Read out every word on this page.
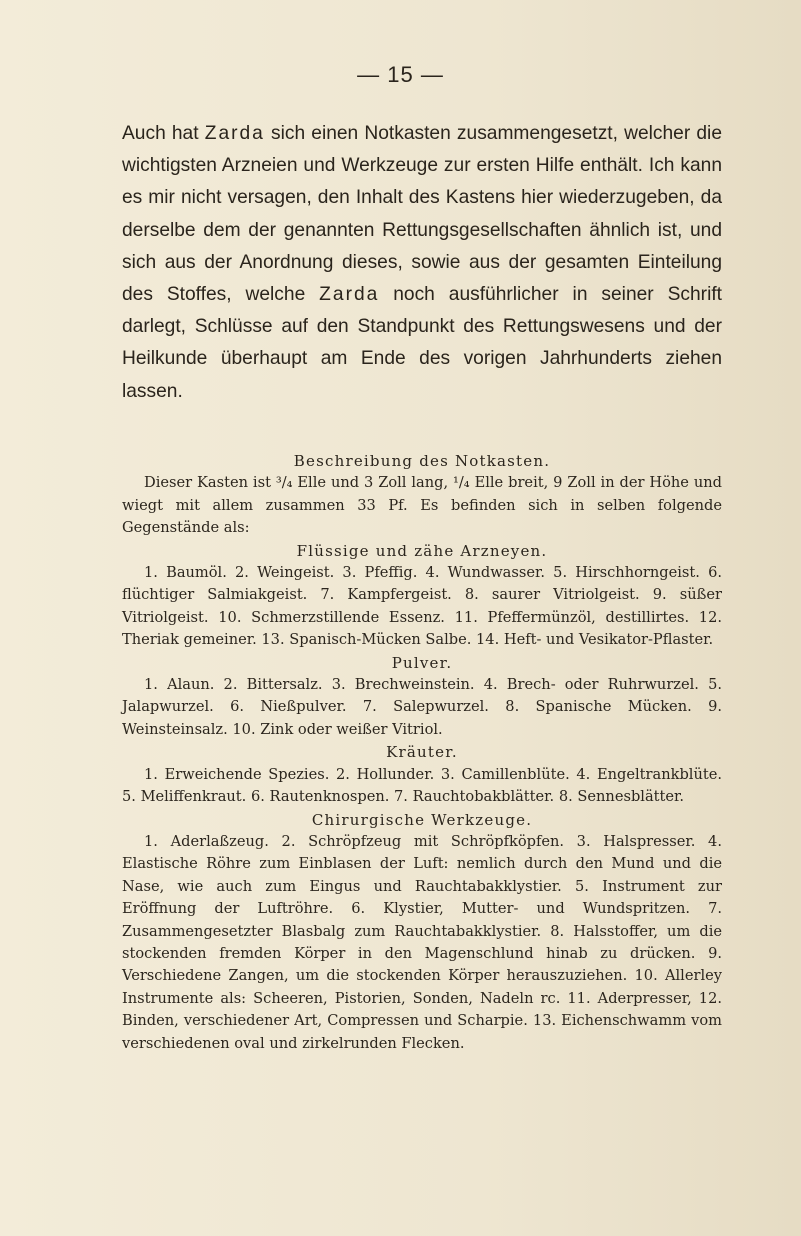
— 15 —

Auch hat Zarda sich einen Notkasten zusammengesetzt, welcher die wichtigsten Arzneien und Werkzeuge zur ersten Hilfe enthält. Ich kann es mir nicht versagen, den Inhalt des Kastens hier wiederzugeben, da derselbe dem der genannten Rettungsgesellschaften ähnlich ist, und sich aus der Anordnung dieses, sowie aus der gesamten Einteilung des Stoffes, welche Zarda noch ausführlicher in seiner Schrift darlegt, Schlüsse auf den Standpunkt des Rettungswesens und der Heilkunde überhaupt am Ende des vorigen Jahrhunderts ziehen lassen.

Beschreibung des Notkasten.

Dieser Kasten ist ³/₄ Elle und 3 Zoll lang, ¹/₄ Elle breit, 9 Zoll in der Höhe und wiegt mit allem zusammen 33 Pf. Es befinden sich in selben folgende Gegenstände als:

Flüssige und zähe Arzneyen.

1. Baumöl. 2. Weingeist. 3. Pfeffig. 4. Wundwasser. 5. Hirschhorngeist. 6. flüchtiger Salmiakgeist. 7. Kampfergeist. 8. saurer Vitriolgeist. 9. süßer Vitriolgeist. 10. Schmerzstillende Essenz. 11. Pfeffermünzöl, destillirtes. 12. Theriak gemeiner. 13. Spanisch-Mücken Salbe. 14. Heft- und Vesikator-Pflaster.

Pulver.

1. Alaun. 2. Bittersalz. 3. Brechweinstein. 4. Brech- oder Ruhrwurzel. 5. Jalapwurzel. 6. Nießpulver. 7. Salepwurzel. 8. Spanische Mücken. 9. Weinsteinsalz. 10. Zink oder weißer Vitriol.

Kräuter.

1. Erweichende Spezies. 2. Hollunder. 3. Camillenblüte. 4. Engeltrankblüte. 5. Meliffenkraut. 6. Rautenknospen. 7. Rauchtobakblätter. 8. Sennesblätter.

Chirurgische Werkzeuge.

1. Aderlaßzeug. 2. Schröpfzeug mit Schröpfköpfen. 3. Halspresser. 4. Elastische Röhre zum Einblasen der Luft: nemlich durch den Mund und die Nase, wie auch zum Eingus und Rauchtabakklystier. 5. Instrument zur Eröffnung der Luftröhre. 6. Klystier, Mutter- und Wundspritzen. 7. Zusammengesetzter Blasbalg zum Rauchtabakklystier. 8. Halsstoffer, um die stockenden fremden Körper in den Magenschlund hinab zu drücken. 9. Verschiedene Zangen, um die stockenden Körper herauszuziehen. 10. Allerley Instrumente als: Scheeren, Pistorien, Sonden, Nadeln rc. 11. Aderpresser, 12. Binden, verschiedener Art, Compressen und Scharpie. 13. Eichenschwamm vom verschiedenen oval und zirkelrunden Flecken.
